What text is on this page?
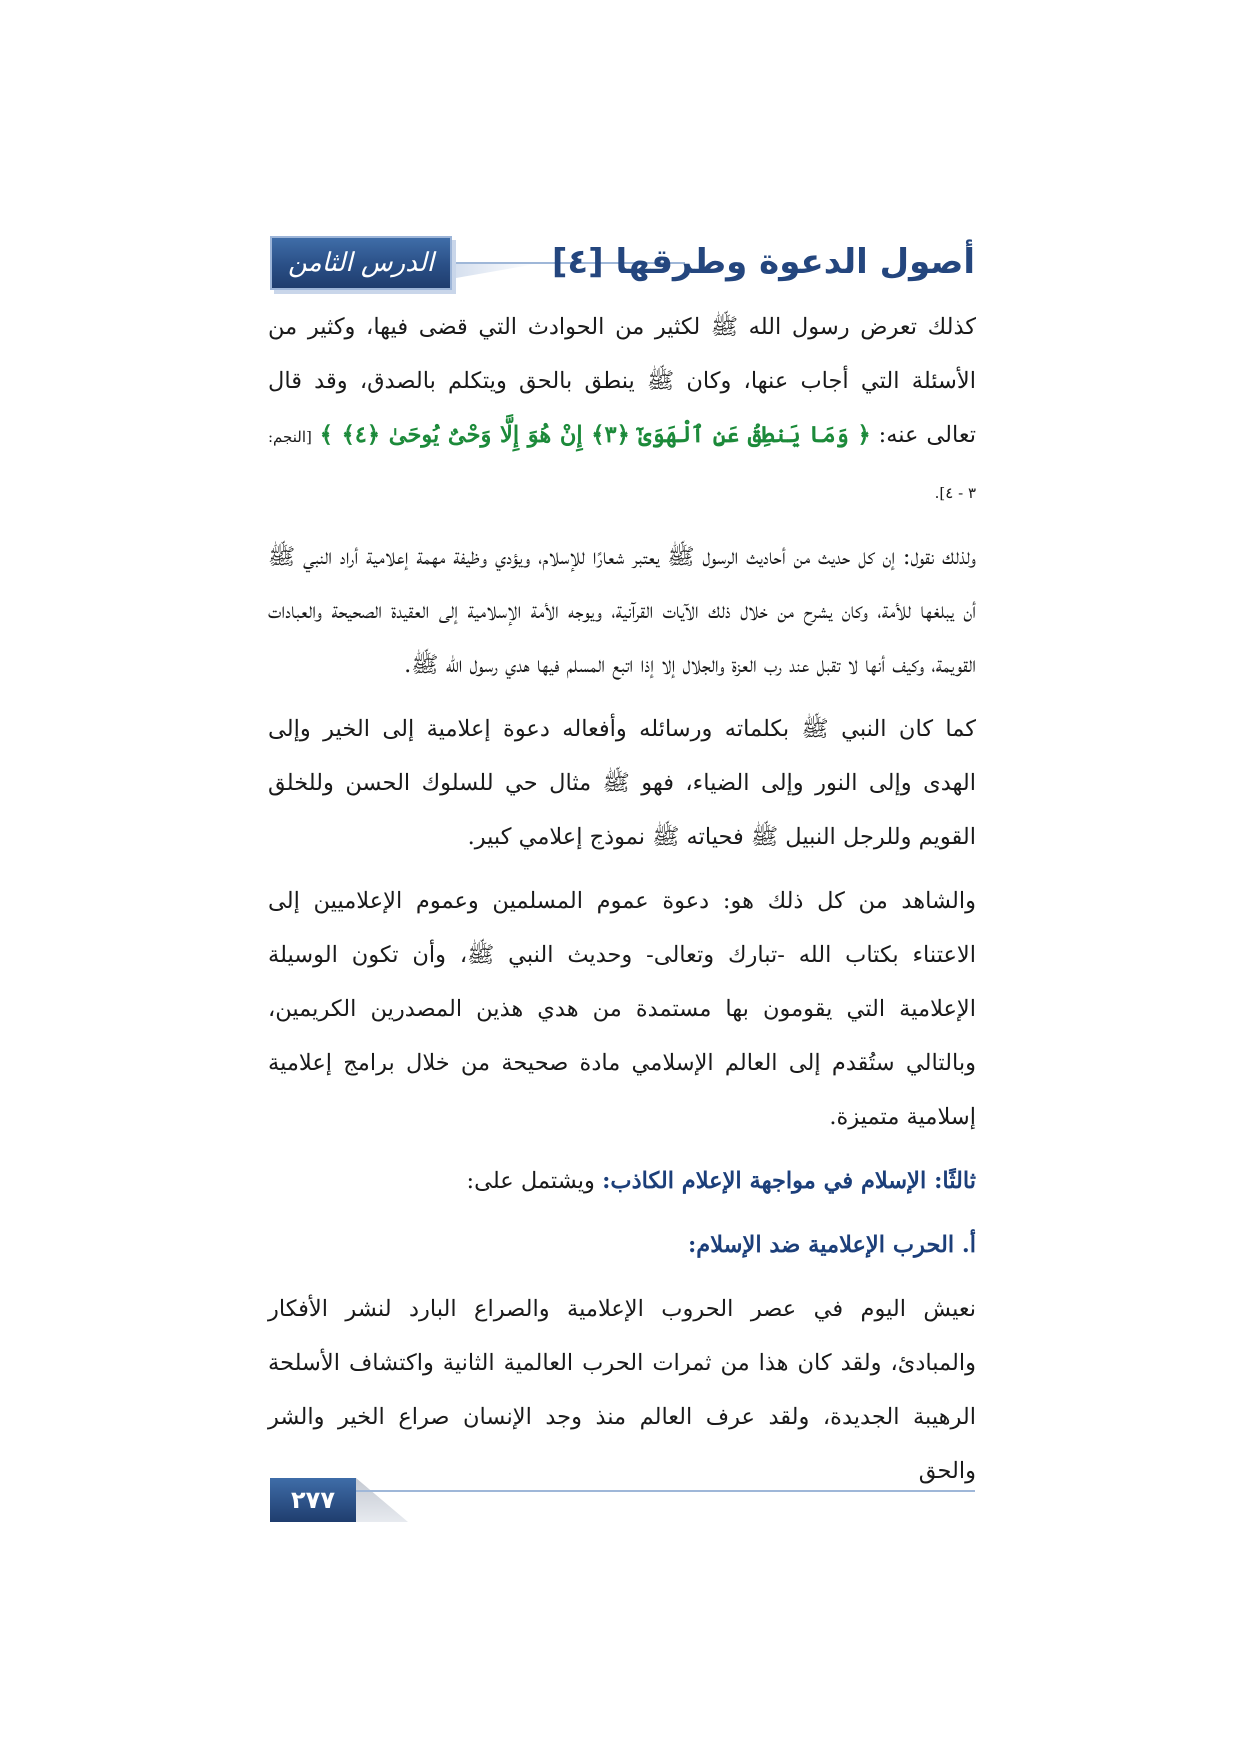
الدرس الثامن	أصول الدعوة وطرقها [٤]

كذلك تعرض رسول الله ﷺ لكثير من الحوادث التي قضى فيها، وكثير من الأسئلة التي أجاب عنها، وكان ﷺ ينطق بالحق ويتكلم بالصدق، وقد قال تعالى عنه: ﴿ وَمَا يَنطِقُ عَنِ ٱلْهَوَىٰٓ ﴿٣﴾ إِنْ هُوَ إِلَّا وَحْىٌ يُوحَىٰ ﴿٤﴾ ﴾ [النجم: ٣ - ٤].

ولذلك نقول: إن كل حديث من أحاديث الرسول ﷺ يعتبر شعارًا للإسلام، ويؤدي وظيفة مهمة إعلامية أراد النبي ﷺ أن يبلغها للأمة، وكان يشرح من خلال ذلك الآيات القرآنية، ويوجه الأمة الإسلامية إلى العقيدة الصحيحة والعبادات القويمة، وكيف أنها لا تقبل عند رب العزة والجلال إلا إذا اتبع المسلم فيها هدي رسول الله ﷺ.

كما كان النبي ﷺ بكلماته ورسائله وأفعاله دعوة إعلامية إلى الخير وإلى الهدى وإلى النور وإلى الضياء، فهو ﷺ مثال حي للسلوك الحسن وللخلق القويم وللرجل النبيل ﷺ فحياته ﷺ نموذج إعلامي كبير.

والشاهد من كل ذلك هو: دعوة عموم المسلمين وعموم الإعلاميين إلى الاعتناء بكتاب الله -تبارك وتعالى- وحديث النبي ﷺ، وأن تكون الوسيلة الإعلامية التي يقومون بها مستمدة من هدي هذين المصدرين الكريمين، وبالتالي ستُقدم إلى العالم الإسلامي مادة صحيحة من خلال برامج إعلامية إسلامية متميزة.

ثالثًا: الإسلام في مواجهة الإعلام الكاذب: ويشتمل على:

أ. الحرب الإعلامية ضد الإسلام:

نعيش اليوم في عصر الحروب الإعلامية والصراع البارد لنشر الأفكار والمبادئ، ولقد كان هذا من ثمرات الحرب العالمية الثانية واكتشاف الأسلحة الرهيبة الجديدة، ولقد عرف العالم منذ وجد الإنسان صراع الخير والشر والحق

٢٧٧
